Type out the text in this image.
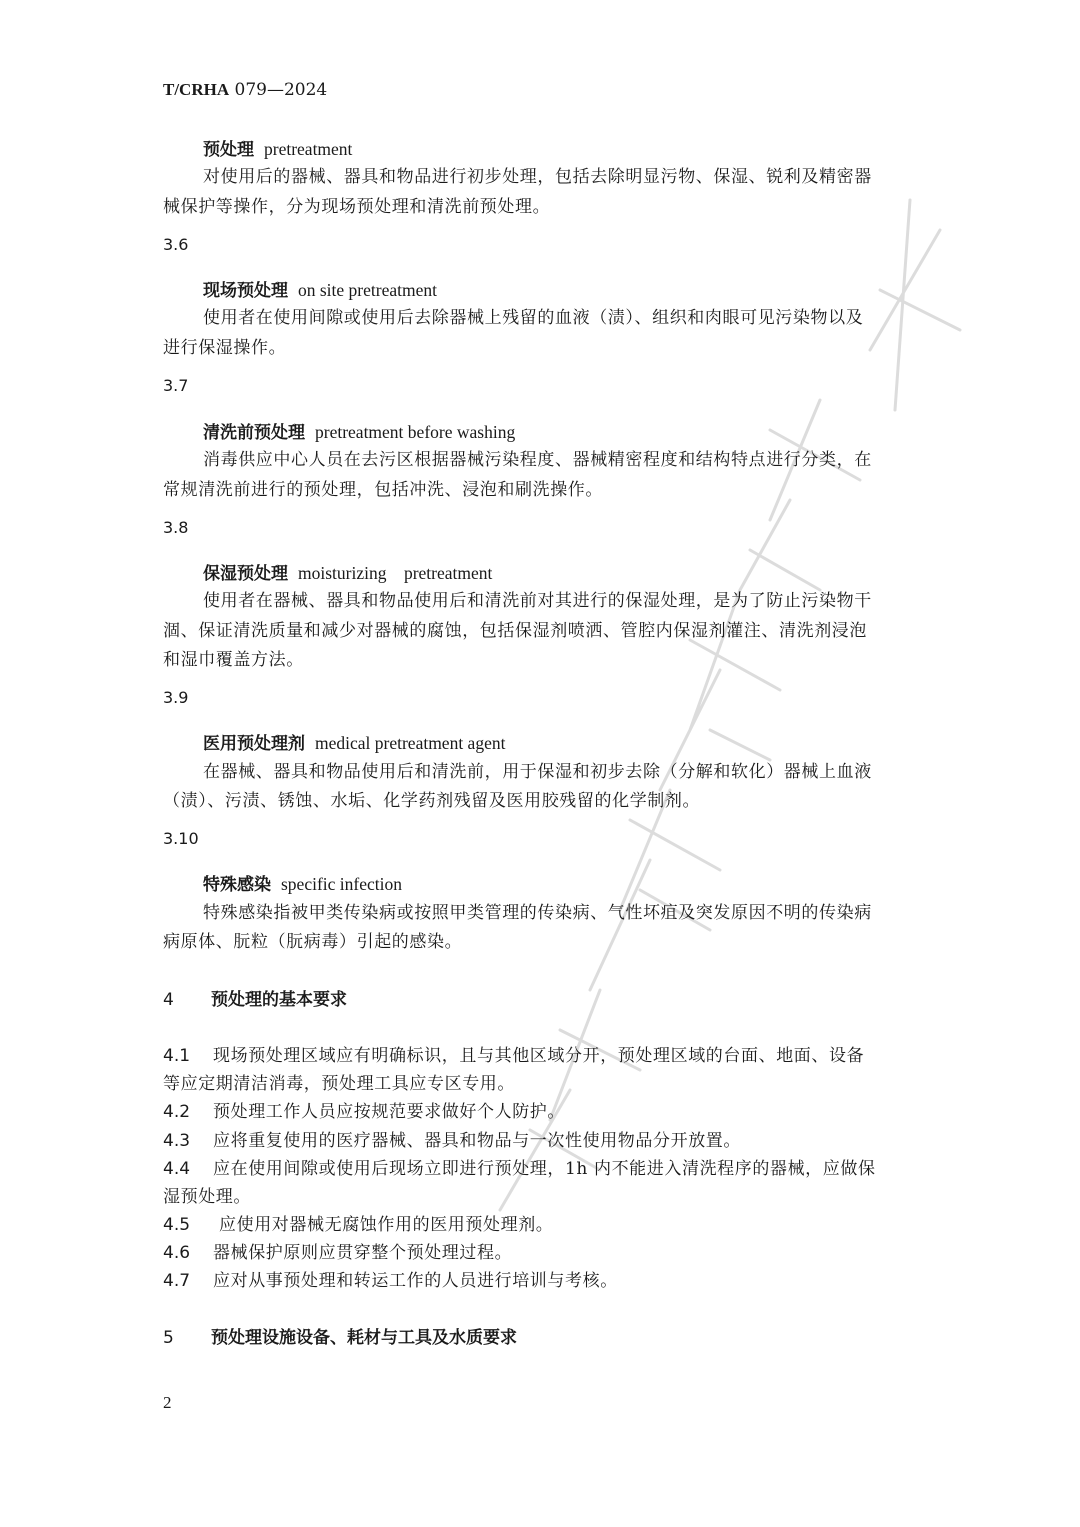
T/CRHA 079—2024
预处理 pretreatment
对使用后的器械、器具和物品进行初步处理，包括去除明显污物、保湿、锐利及精密器
械保护等操作，分为现场预处理和清洗前预处理。
3.6
现场预处理 on site pretreatment
使用者在使用间隙或使用后去除器械上残留的血液（渍）、组织和肉眼可见污染物以及
进行保湿操作。
3.7
清洗前预处理 pretreatment before washing
消毒供应中心人员在去污区根据器械污染程度、器械精密程度和结构特点进行分类，在
常规清洗前进行的预处理，包括冲洗、浸泡和刷洗操作。
3.8
保湿预处理 moisturizing    pretreatment
使用者在器械、器具和物品使用后和清洗前对其进行的保湿处理，是为了防止污染物干
涸、保证清洗质量和减少对器械的腐蚀，包括保湿剂喷洒、管腔内保湿剂灌注、清洗剂浸泡
和湿巾覆盖方法。
3.9
医用预处理剂 medical pretreatment agent
在器械、器具和物品使用后和清洗前，用于保湿和初步去除（分解和软化）器械上血液
（渍）、污渍、锈蚀、水垢、化学药剂残留及医用胶残留的化学制剂。
3.10
特殊感染 specific infection
特殊感染指被甲类传染病或按照甲类管理的传染病、气性坏疽及突发原因不明的传染病
病原体、朊粒（朊病毒）引起的感染。
4 预处理的基本要求
4.1 现场预处理区域应有明确标识，且与其他区域分开，预处理区域的台面、地面、设备
等应定期清洁消毒，预处理工具应专区专用。
4.2 预处理工作人员应按规范要求做好个人防护。
4.3 应将重复使用的医疗器械、器具和物品与一次性使用物品分开放置。
4.4 应在使用间隙或使用后现场立即进行预处理，1h 内不能进入清洗程序的器械，应做保
湿预处理。
4.5 应使用对器械无腐蚀作用的医用预处理剂。
4.6 器械保护原则应贯穿整个预处理过程。
4.7 应对从事预处理和转运工作的人员进行培训与考核。
5 预处理设施设备、耗材与工具及水质要求
2
